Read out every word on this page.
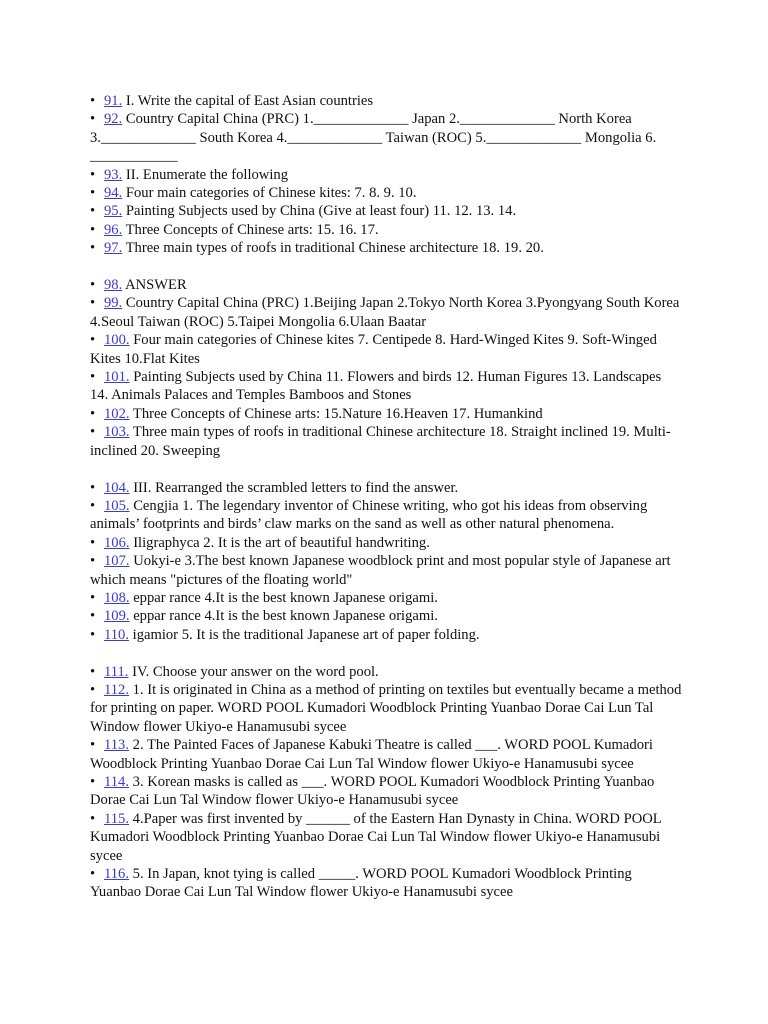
• 91. I. Write the capital of East Asian countries

• 92. Country Capital China (PRC) 1._____________ Japan 2._____________ North Korea 3._____________ South Korea 4._____________ Taiwan (ROC) 5._____________ Mongolia 6. ____________

• 93. II. Enumerate the following

• 94. Four main categories of Chinese kites: 7. 8. 9. 10.

• 95. Painting Subjects used by China (Give at least four) 11. 12. 13. 14.

• 96. Three Concepts of Chinese arts: 15. 16. 17.

• 97. Three main types of roofs in traditional Chinese architecture 18. 19. 20.

• 98. ANSWER

• 99. Country Capital China (PRC) 1.Beijing Japan 2.Tokyo North Korea 3.Pyongyang South Korea 4.Seoul Taiwan (ROC) 5.Taipei Mongolia 6.Ulaan Baatar

• 100. Four main categories of Chinese kites 7. Centipede 8. Hard-Winged Kites 9. Soft-Winged Kites 10.Flat Kites

• 101. Painting Subjects used by China 11. Flowers and birds 12. Human Figures 13. Landscapes 14. Animals Palaces and Temples Bamboos and Stones

• 102. Three Concepts of Chinese arts: 15.Nature 16.Heaven 17. Humankind

• 103. Three main types of roofs in traditional Chinese architecture 18. Straight inclined 19. Multi-inclined 20. Sweeping

• 104. III. Rearranged the scrambled letters to find the answer.

• 105. Cengjia 1. The legendary inventor of Chinese writing, who got his ideas from observing animals’ footprints and birds’ claw marks on the sand as well as other natural phenomena.

• 106. Iligraphyca 2. It is the art of beautiful handwriting.

• 107. Uokyi-e 3.The best known Japanese woodblock print and most popular style of Japanese art which means "pictures of the floating world"

• 108. eppar rance 4.It is the best known Japanese origami.

• 109. eppar rance 4.It is the best known Japanese origami.

• 110. igamior 5. It is the traditional Japanese art of paper folding.

• 111. IV. Choose your answer on the word pool.

• 112. 1. It is originated in China as a method of printing on textiles but eventually became a method for printing on paper. WORD POOL Kumadori Woodblock Printing Yuanbao Dorae Cai Lun Tal Window flower Ukiyo-e Hanamusubi sycee

• 113. 2. The Painted Faces of Japanese Kabuki Theatre is called ___. WORD POOL Kumadori Woodblock Printing Yuanbao Dorae Cai Lun Tal Window flower Ukiyo-e Hanamusubi sycee

• 114. 3. Korean masks is called as ___. WORD POOL Kumadori Woodblock Printing Yuanbao Dorae Cai Lun Tal Window flower Ukiyo-e Hanamusubi sycee

• 115. 4.Paper was first invented by ______ of the Eastern Han Dynasty in China. WORD POOL Kumadori Woodblock Printing Yuanbao Dorae Cai Lun Tal Window flower Ukiyo-e Hanamusubi sycee

• 116. 5. In Japan, knot tying is called _____. WORD POOL Kumadori Woodblock Printing Yuanbao Dorae Cai Lun Tal Window flower Ukiyo-e Hanamusubi sycee
